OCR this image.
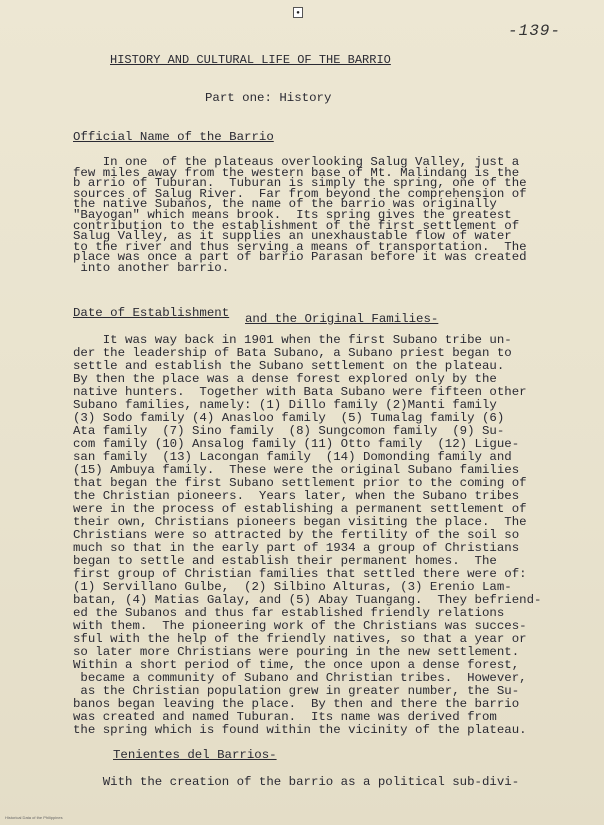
●
-139-
HISTORY AND CULTURAL LIFE OF THE BARRIO
Part one: History
Official Name of the Barrio
In one  of the plateaus overlooking Salug Valley, just a
few miles away from the western base of Mt. Malindang is the
b arrio of Tuburan.  Tuburan is simply the spring, one of the
sources of Salug River.  Far from beyond the comprehension of
the native Subanos, the name of the barrio was originally
"Bayogan" which means brook.  Its spring gives the greatest
contribution to the establishment of the first settlement of
Salug Valley, as it supplies an unexhaustable flow of water
to the river and thus serving a means of transportation.  The
place was once a part of barrio Parasan before it was created
into another barrio.
Date of Establishment and the Original Families-
It was way back in 1901 when the first Subano tribe un-
der the leadership of Bata Subano, a Subano priest began to
settle and establish the Subano settlement on the plateau.
By then the place was a dense forest explored only by the
native hunters.  Together with Bata Subano were fifteen other
Subano families, namely: (1) Dillo family (2)Manti family
(3) Sodo family (4) Anasloo family  (5) Tumalag family (6)
Ata family  (7) Sino family  (8) Sungcomon family  (9) Su-
com family (10) Ansalog family (11) Otto family  (12) Ligue-
san family  (13) Lacongan family  (14) Domonding family and
(15) Ambuya family.  These were the original Subano families
that began the first Subano settlement prior to the coming of
the Christian pioneers.  Years later, when the Subano tribes
were in the process of establishing a permanent settlement of
their own, Christians pioneers began visiting the place.  The
Christians were so attracted by the fertility of the soil so
much so that in the early part of 1934 a group of Christians
began to settle and establish their permanent homes.  The
first group of Christian families that settled there were of:
(1) Servillano Gulbe,  (2) Silbino Alturas, (3) Erenio Lam-
batan, (4) Matias Galay, and (5) Abay Tuangang.  They befriend-
ed the Subanos and thus far established friendly relations
with them.  The pioneering work of the Christians was succes-
sful with the help of the friendly natives, so that a year or
so later more Christians were pouring in the new settlement.
Within a short period of time, the once upon a dense forest,
became a community of Subano and Christian tribes.  However,
as the Christian population grew in greater number, the Su-
banos began leaving the place.  By then and there the barrio
was created and named Tuburan.  Its name was derived from
the spring which is found within the vicinity of the plateau.
Tenientes del Barrios-
With the creation of the barrio as a political sub-divi-
Historical Data of the Philippines
